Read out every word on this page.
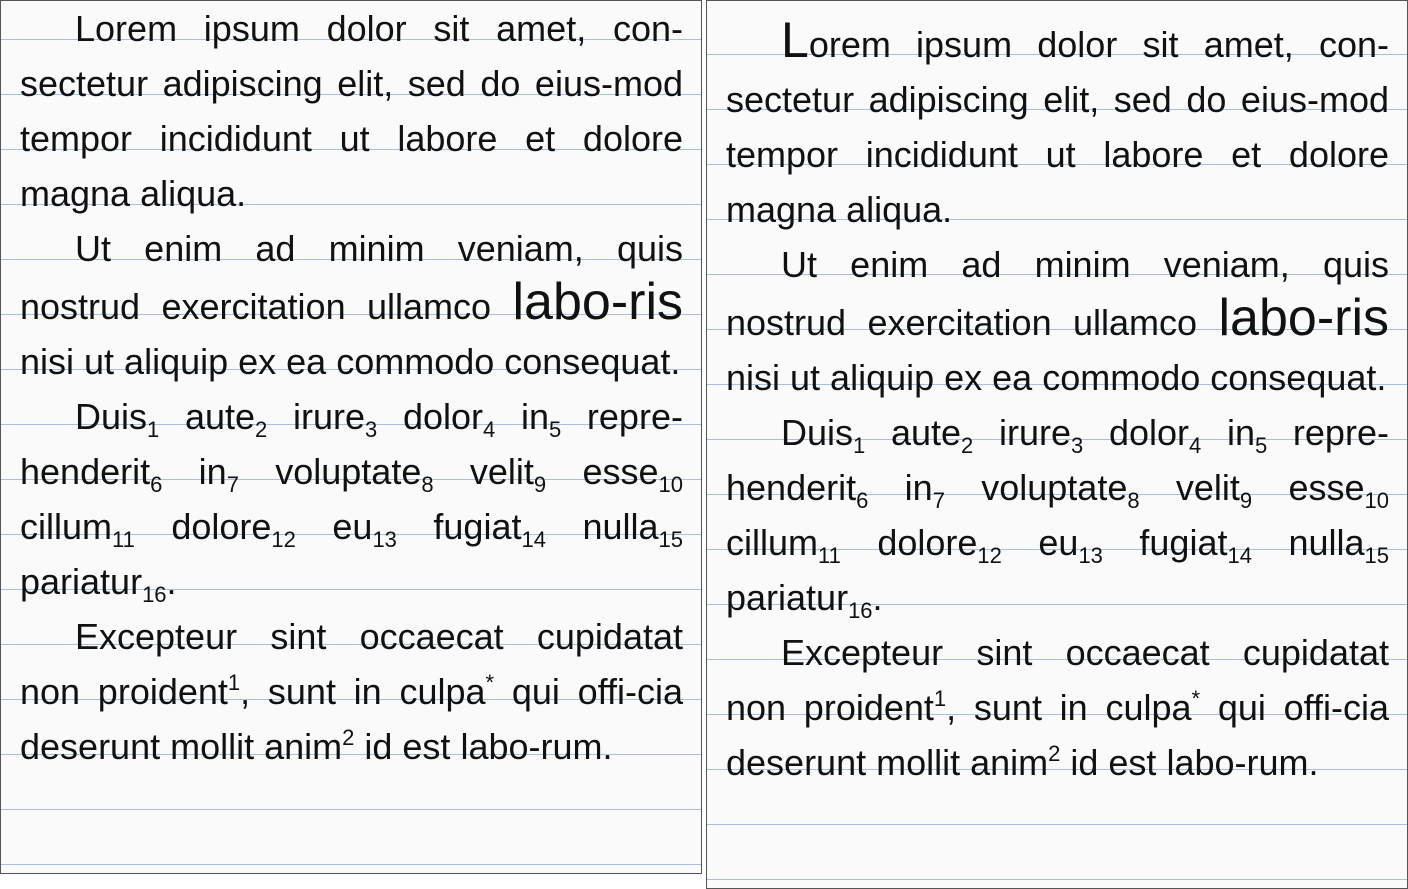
Lorem ipsum dolor sit amet, con-sectetur adipiscing elit, sed do eius-mod tempor incididunt ut labore et dolore magna aliqua.

Ut enim ad minim veniam, quis nostrud exercitation ullamco labo-ris nisi ut aliquip ex ea commodo consequat.

Duis$_1$ aute$_2$ irure$_3$ dolor$_4$ $in_5$ repre-henderit$_6$ $in_7$ voluptate$_8$ velit$_9$ esse$_{10}$ cillum$_{11}$ dolore$_{12}$ $eu_{13}$ fugiat$_{14}$ nulla$_{15}$ pariatur$_{16}$.

Excepteur sint occaecat cupidatat non proident$^1$, sunt in culpa* qui offi-cia deserunt mollit anim$^2$ id est labo-rum.

Lorem ipsum dolor sit amet, con-sectetur adipiscing elit, sed do eius-mod tempor incididunt ut labore et dolore magna aliqua.

Ut enim ad minim veniam, quis nostrud exercitation ullamco labo-ris nisi ut aliquip ex ea commodo consequat.

Duis$_1$ aute$_2$ irure$_3$ dolor$_4$ $in_5$ repre-henderit$_6$ $in_7$ voluptate$_8$ velit$_9$ esse$_{10}$ cillum$_{11}$ dolore$_{12}$ $eu_{13}$ fugiat$_{14}$ nulla$_{15}$ pariatur$_{16}$.

Excepteur sint occaecat cupidatat non proident$^1$, sunt in culpa* qui offi-cia deserunt mollit anim$^2$ id est labo-rum.
